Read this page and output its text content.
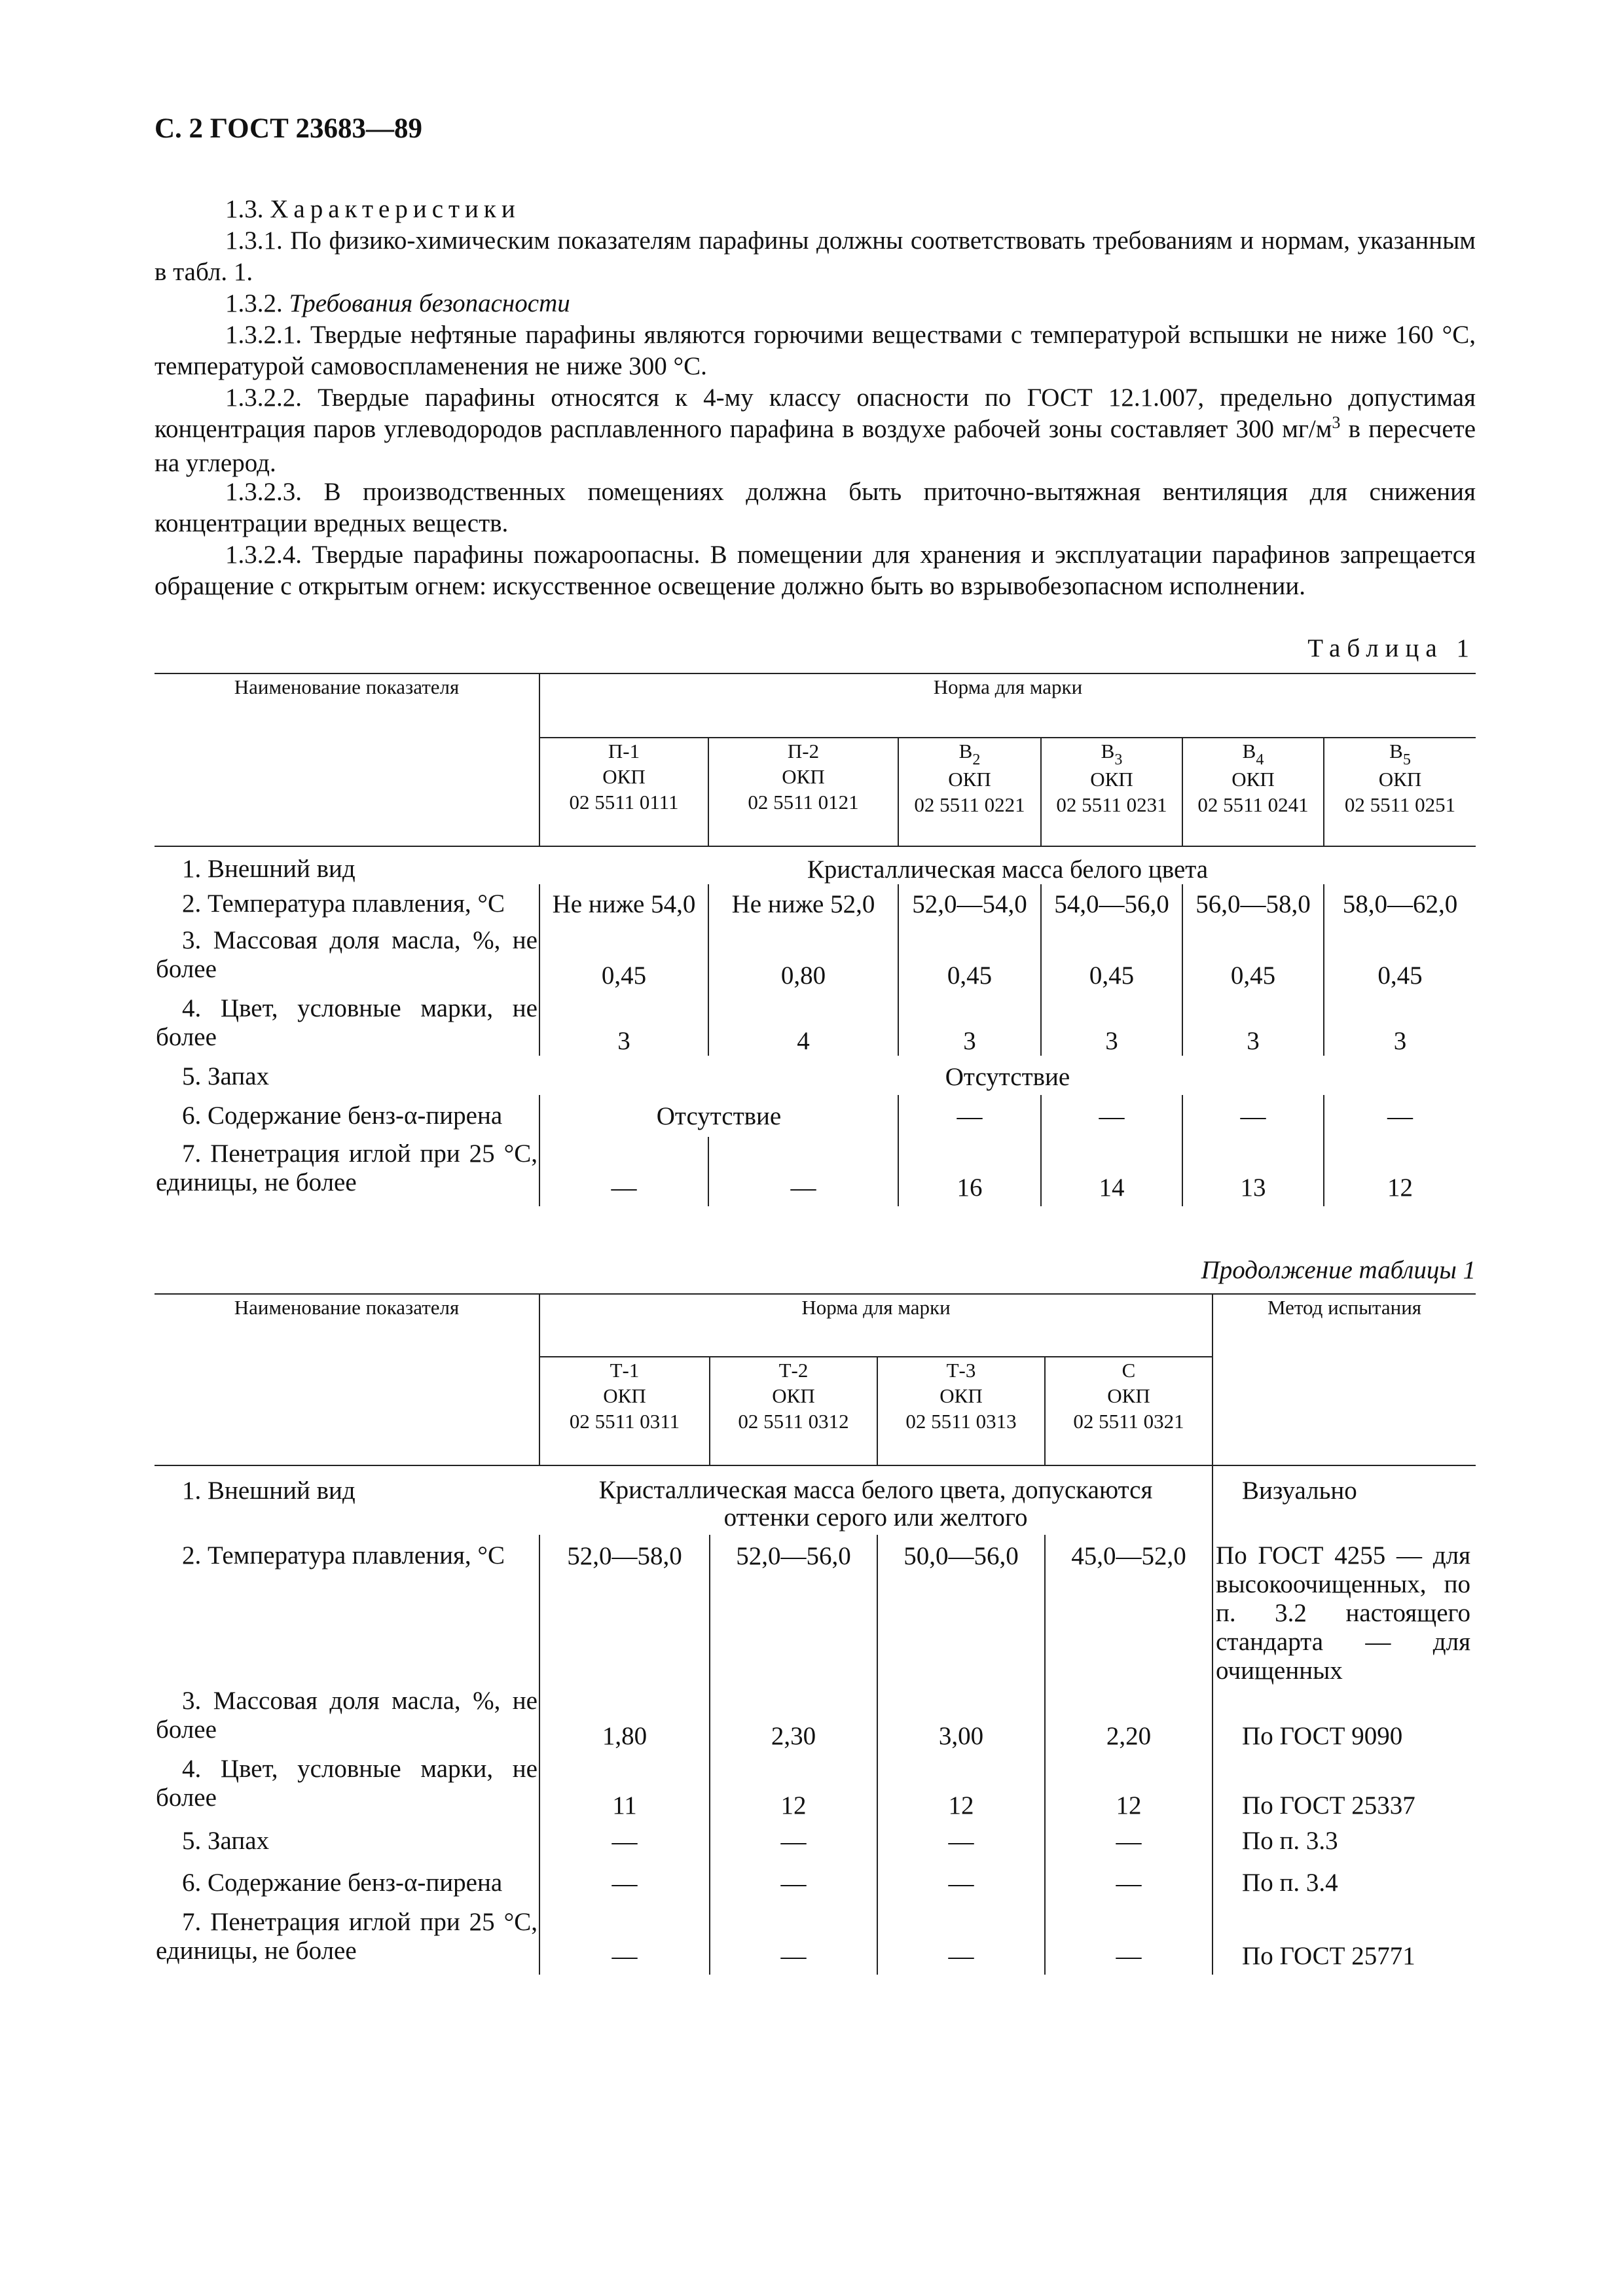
С. 2 ГОСТ 23683—89
1.3. Характеристики
1.3.1. По физико-химическим показателям парафины должны соответствовать требованиям и нормам, указанным в табл. 1.
1.3.2. Требования безопасности
1.3.2.1. Твердые нефтяные парафины являются горючими веществами с температурой вспышки не ниже 160 °С, температурой самовоспламенения не ниже 300 °С.
1.3.2.2. Твердые парафины относятся к 4-му классу опасности по ГОСТ 12.1.007, предельно допустимая концентрация паров углеводородов расплавленного парафина в воздухе рабочей зоны составляет 300 $мг/м^3$ в пересчете на углерод.
1.3.2.3. В производственных помещениях должна быть приточно-вытяжная вентиляция для снижения концентрации вредных веществ.
1.3.2.4. Твердые парафины пожароопасны. В помещении для хранения и эксплуатации парафинов запрещается обращение с открытым огнем: искусственное освещение должно быть во взрывобезопасном исполнении.
Таблица 1
Наименование показателя	Норма для марки					
	П-1
ОКП
02 5511 0111	П-2
ОКП
02 5511 0121	$В_2$
ОКП
02 5511 0221	$В_3$
ОКП
02 5511 0231	$В_4$
ОКП
02 5511 0241	$В_5$
ОКП
02 5511 0251
1. Внешний вид	Кристаллическая масса белого цвета					
2. Температура плавления, °С	Не ниже 54,0	Не ниже 52,0	52,0—54,0	54,0—56,0	56,0—58,0	58,0—62,0
3. Массовая доля масла, %, не более	0,45	0,80	0,45	0,45	0,45	0,45
4. Цвет, условные марки, не более	3	4	3	3	3	3
5. Запах	Отсутствие					
6. Содержание бенз-α-пирена	Отсутствие		—	—	—	—
7. Пенетрация иглой при 25 °С, единицы, не более	—	—	16	14	13	12
Продолжение таблицы 1
Наименование показателя	Норма для марки				Метод испытания
	Т-1
ОКП
02 5511 0311	Т-2
ОКП
02 5511 0312	Т-3
ОКП
02 5511 0313	С
ОКП
02 5511 0321	
1. Внешний вид	Кристаллическая масса белого цвета, допускаются оттенки серого или желтого				Визуально
2. Температура плавления, °С	52,0—58,0	52,0—56,0	50,0—56,0	45,0—52,0	По ГОСТ 4255 — для высокоочищенных, по п. 3.2 настоящего стандарта — для очищенных
3. Массовая доля масла, %, не более	1,80	2,30	3,00	2,20	По ГОСТ 9090
4. Цвет, условные марки, не более	11	12	12	12	По ГОСТ 25337
5. Запах	—	—	—	—	По п. 3.3
6. Содержание бенз-α-пирена	—	—	—	—	По п. 3.4
7. Пенетрация иглой при 25 °С, единицы, не более	—	—	—	—	По ГОСТ 25771
